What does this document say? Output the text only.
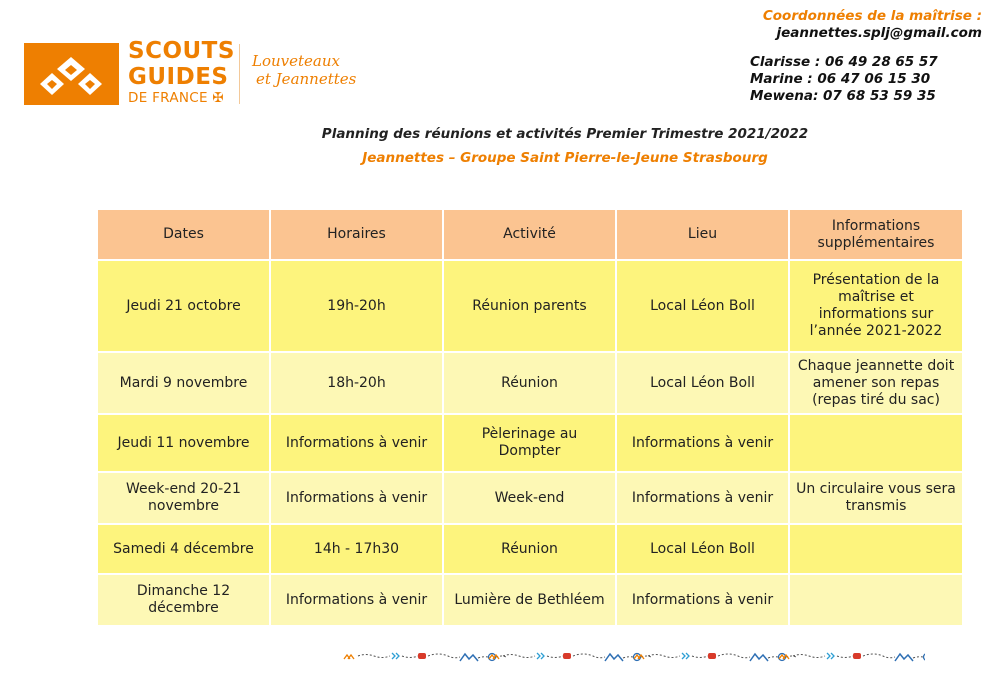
SCOUTS
GUIDES
DE FRANCE ✠
Louveteaux
et Jeannettes
Coordonnées de la maîtrise :
jeannettes.splj@gmail.com
Clarisse : 06 49 28 65 57
Marine : 06 47 06 15 30
Mewena: 07 68 53 59 35
Planning des réunions et activités Premier Trimestre 2021/2022
Jeannettes – Groupe Saint Pierre-le-Jeune Strasbourg
Dates	Horaires	Activité	Lieu	Informations supplémentaires
Jeudi 21 octobre	19h-20h	Réunion parents	Local Léon Boll	Présentation de la maîtrise et informations sur l’année 2021-2022
Mardi 9 novembre	18h-20h	Réunion	Local Léon Boll	Chaque jeannette doit amener son repas (repas tiré du sac)
Jeudi 11 novembre	Informations à venir	Pèlerinage au Dompter	Informations à venir	
Week-end 20-21 novembre	Informations à venir	Week-end	Informations à venir	Un circulaire vous sera transmis
Samedi 4 décembre	14h - 17h30	Réunion	Local Léon Boll	
Dimanche 12 décembre	Informations à venir	Lumière de Bethléem	Informations à venir	
